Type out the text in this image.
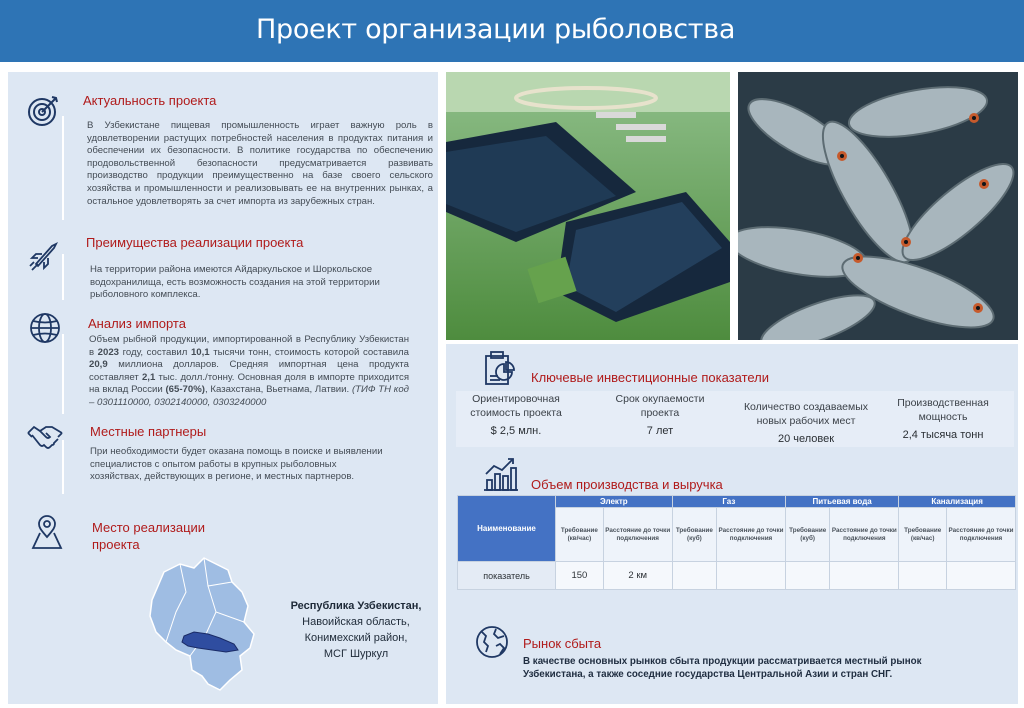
Проект организации рыболовства
Актуальность проекта
В Узбекистане пищевая промышленность играет важную роль в удовлетворении растущих потребностей населения в продуктах питания и обеспечении их безопасности. В политике государства по обеспечению продовольственной безопасности предусматривается развивать производство продукции преимущественно на базе своего сельского хозяйства и промышленности и реализовывать ее на внутренних рынках, а остальное удовлетворять за счет импорта из зарубежных стран.
Преимущества реализации проекта
На территории района имеются Айдаркульское и Шоркольское водохранилища, есть возможность создания на этой территории рыболовного комплекса.
Анализ импорта
Объем рыбной продукции, импортированной в Республику Узбекистан в 2023 году, составил 10,1 тысячи тонн, стоимость которой составила 20,9 миллиона долларов. Средняя импортная цена продукта составляет 2,1 тыс. долл./тонну. Основная доля в импорте приходится на вклад России (65-70%), Казахстана, Вьетнама, Латвии. (ТИФ ТН код – 0301110000, 0302140000, 0303240000
Местные партнеры
При необходимости будет оказана помощь в поиске и выявлении специалистов с опытом работы в крупных рыболовных хозяйствах, действующих в регионе, и местных партнеров.
Место реализации проекта
Республика Узбекистан,
Навоийская область,
Конимехский район,
МСГ Шуркул
Ключевые инвестиционные показатели
Ориентировочная стоимость проекта
$ 2,5 млн.
Срок окупаемости проекта
7 лет
Количество создаваемых новых рабочих мест
20 человек
Производственная мощность
2,4 тысяча тонн
Объем производства и выручка
Наименование	Электр		Газ		Питьевая вода		Канализация	
	Требование (кв/час)	Расстояние до точки подключения	Требование (куб)	Расстояние до точки подключения	Требование (куб)	Расстояние до точки подключения	Требование (кв/час)	Расстояние до точки подключения
показатель	150	2 км						
Рынок сбыта
В качестве основных рынков сбыта продукции рассматривается местный рынок Узбекистана, а также соседние государства Центральной Азии и стран СНГ.
